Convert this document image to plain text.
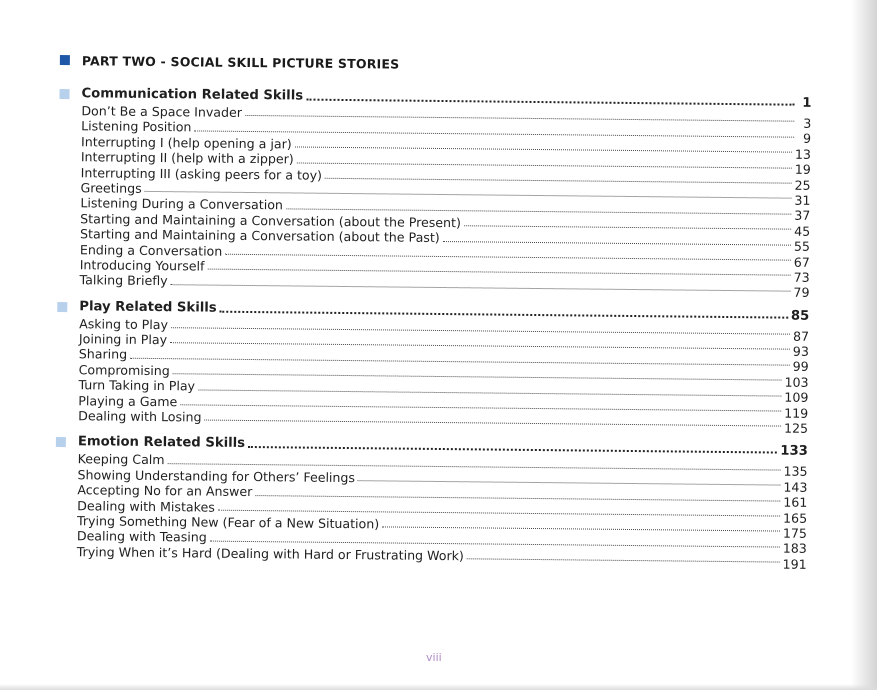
PART TWO - SOCIAL SKILL PICTURE STORIES
Communication Related Skills	1
Don’t Be a Space Invader
3
Listening Position
9
Interrupting I (help opening a jar)
13
Interrupting II (help with a zipper)
19
Interrupting III (asking peers for a toy)
25
Greetings
31
Listening During a Conversation
37
Starting and Maintaining a Conversation (about the Present)
45
Starting and Maintaining a Conversation (about the Past)
55
Ending a Conversation
67
Introducing Yourself
73
Talking Briefly
79
Play Related Skills
85
Asking to Play
87
Joining in Play
93
Sharing
99
Compromising
103
Turn Taking in Play
109
Playing a Game
119
Dealing with Losing
125
Emotion Related Skills
133
Keeping Calm
135
Showing Understanding for Others’ Feelings
143
Accepting No for an Answer
161
Dealing with Mistakes
165
Trying Something New (Fear of a New Situation)
175
Dealing with Teasing
183
Trying When it’s Hard (Dealing with Hard or Frustrating Work)
191
viii
